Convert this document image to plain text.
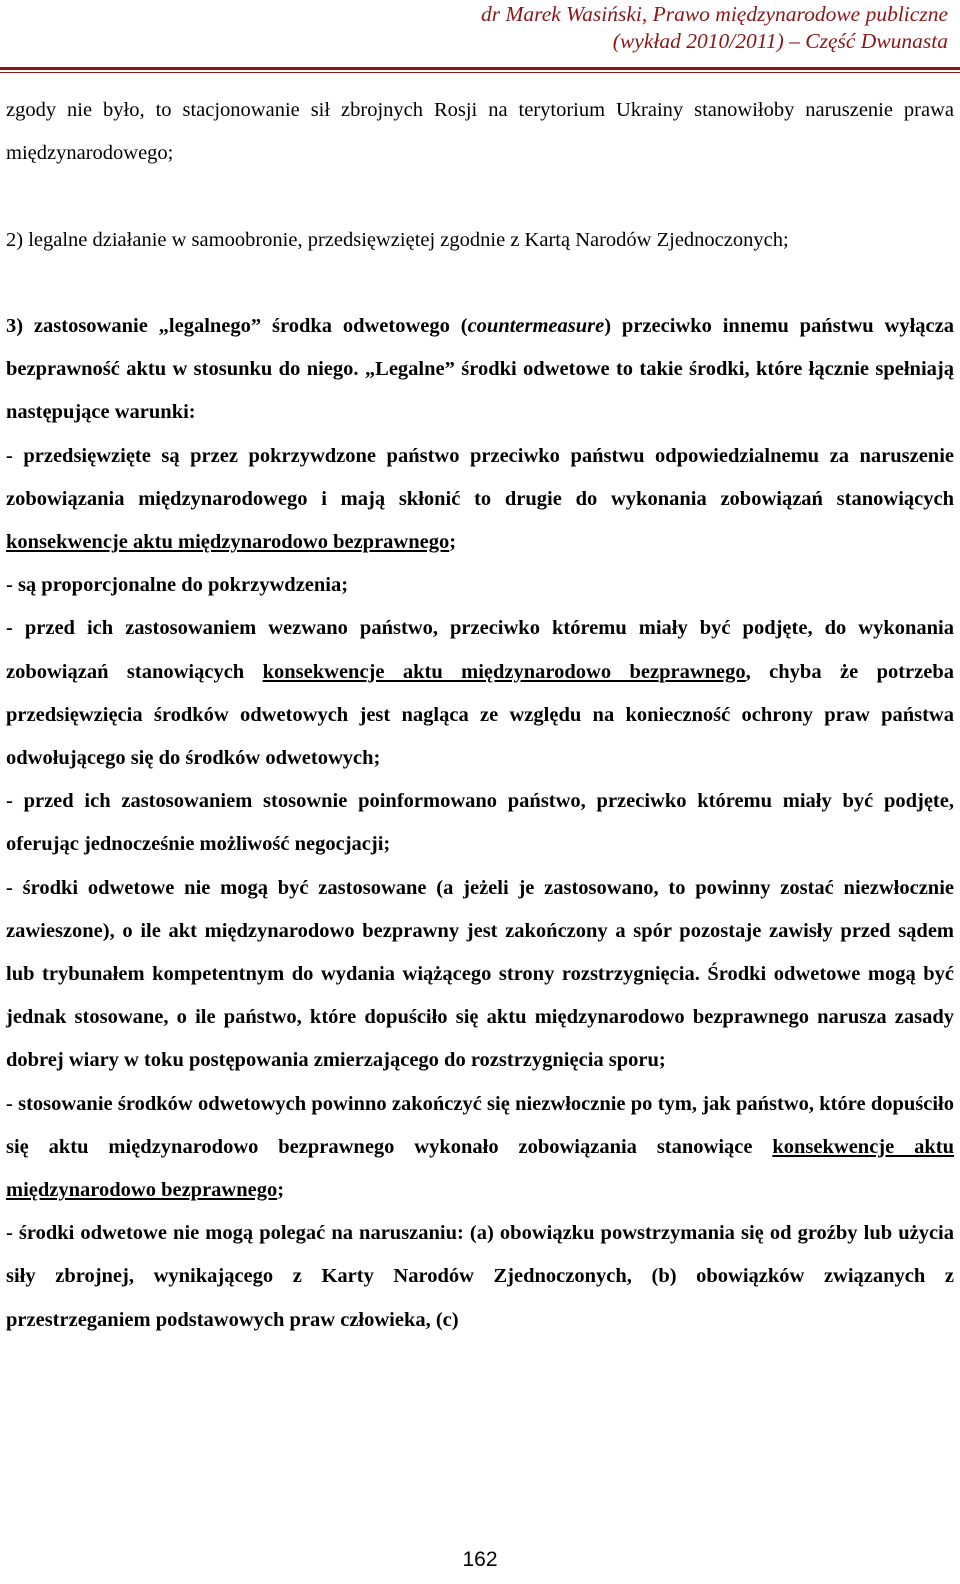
dr Marek Wasiński, Prawo międzynarodowe publiczne
(wykład 2010/2011) – Część Dwunasta

zgody nie było, to stacjonowanie sił zbrojnych Rosji na terytorium Ukrainy stanowiłoby naruszenie prawa międzynarodowego;

2) legalne działanie w samoobronie, przedsięwziętej zgodnie z Kartą Narodów Zjednoczonych;

3) zastosowanie „legalnego” środka odwetowego (countermeasure) przeciwko innemu państwu wyłącza bezprawność aktu w stosunku do niego. „Legalne” środki odwetowe to takie środki, które łącznie spełniają następujące warunki:

- przedsięwzięte są przez pokrzywdzone państwo przeciwko państwu odpowiedzialnemu za naruszenie zobowiązania międzynarodowego i mają skłonić to drugie do wykonania zobowiązań stanowiących konsekwencje aktu międzynarodowo bezprawnego;

- są proporcjonalne do pokrzywdzenia;

- przed ich zastosowaniem wezwano państwo, przeciwko któremu miały być podjęte, do wykonania zobowiązań stanowiących konsekwencje aktu międzynarodowo bezprawnego, chyba że potrzeba przedsięwzięcia środków odwetowych jest nagląca ze względu na konieczność ochrony praw państwa odwołującego się do środków odwetowych;

- przed ich zastosowaniem stosownie poinformowano państwo, przeciwko któremu miały być podjęte, oferując jednocześnie możliwość negocjacji;

- środki odwetowe nie mogą być zastosowane (a jeżeli je zastosowano, to powinny zostać niezwłocznie zawieszone), o ile akt międzynarodowo bezprawny jest zakończony a spór pozostaje zawisły przed sądem lub trybunałem kompetentnym do wydania wiążącego strony rozstrzygnięcia. Środki odwetowe mogą być jednak stosowane, o ile państwo, które dopuściło się aktu międzynarodowo bezprawnego narusza zasady dobrej wiary w toku postępowania zmierzającego do rozstrzygnięcia sporu;

- stosowanie środków odwetowych powinno zakończyć się niezwłocznie po tym, jak państwo, które dopuściło się aktu międzynarodowo bezprawnego wykonało zobowiązania stanowiące konsekwencje aktu międzynarodowo bezprawnego;

- środki odwetowe nie mogą polegać na naruszaniu: (a) obowiązku powstrzymania się od groźby lub użycia siły zbrojnej, wynikającego z Karty Narodów Zjednoczonych, (b) obowiązków związanych z przestrzeganiem podstawowych praw człowieka, (c)

162
